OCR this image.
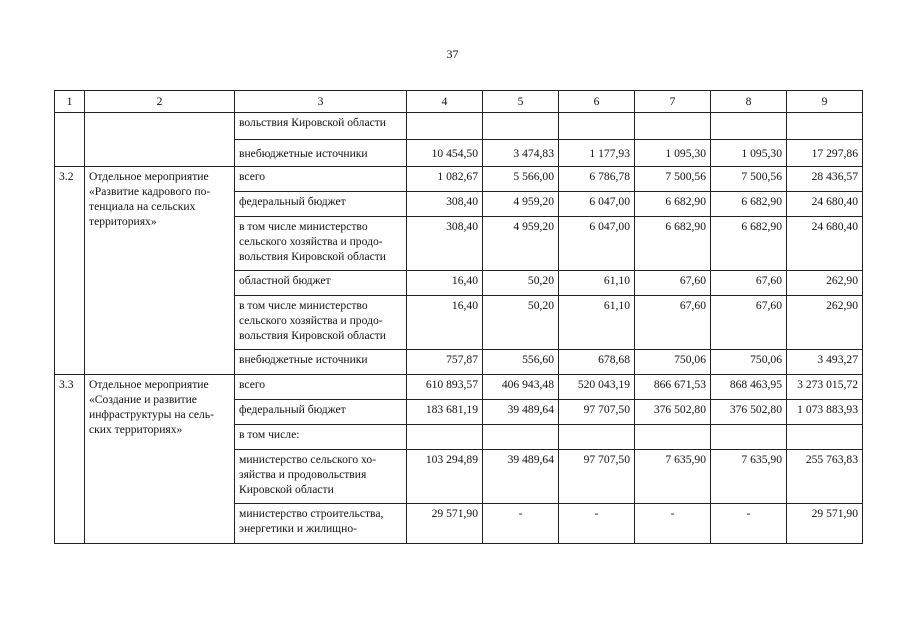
37
1	2	3	4	5	6	7	8	9
		вольствия Кировской области						
		внебюджетные источники	10 454,50	3 474,83	1 177,93	1 095,30	1 095,30	17 297,86
3.2	Отдельное мероприятие «Развитие кадрового по-тенциала на сельских территориях»	всего	1 082,67	5 566,00	6 786,78	7 500,56	7 500,56	28 436,57
		федеральный бюджет	308,40	4 959,20	6 047,00	6 682,90	6 682,90	24 680,40
		в том числе министерство сельского хозяйства и продо-вольствия Кировской области	308,40	4 959,20	6 047,00	6 682,90	6 682,90	24 680,40
		областной бюджет	16,40	50,20	61,10	67,60	67,60	262,90
		в том числе министерство сельского хозяйства и продо-вольствия Кировской области	16,40	50,20	61,10	67,60	67,60	262,90
		внебюджетные источники	757,87	556,60	678,68	750,06	750,06	3 493,27
3.3	Отдельное мероприятие «Создание и развитие инфраструктуры на сель-ских территориях»	всего	610 893,57	406 943,48	520 043,19	866 671,53	868 463,95	3 273 015,72
		федеральный бюджет	183 681,19	39 489,64	97 707,50	376 502,80	376 502,80	1 073 883,93
		в том числе:						
		министерство сельского хо-зяйства и продовольствия Кировской области	103 294,89	39 489,64	97 707,50	7 635,90	7 635,90	255 763,83
		министерство строительства, энергетики и жилищно-	29 571,90	-	-	-	-	29 571,90
